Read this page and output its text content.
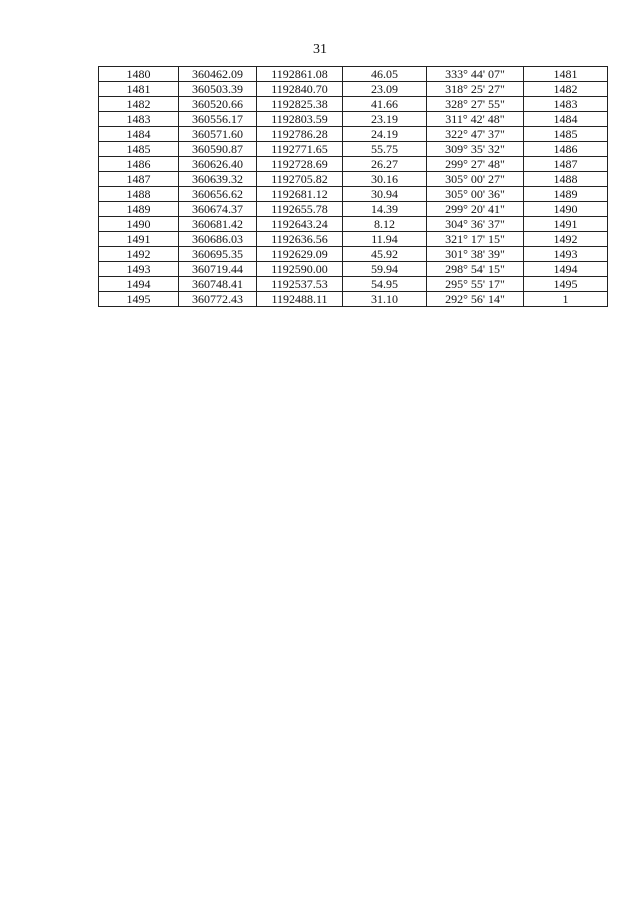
31
1480	360462.09	1192861.08	46.05	333° 44' 07"	1481
1481	360503.39	1192840.70	23.09	318° 25' 27"	1482
1482	360520.66	1192825.38	41.66	328° 27' 55"	1483
1483	360556.17	1192803.59	23.19	311° 42' 48"	1484
1484	360571.60	1192786.28	24.19	322° 47' 37"	1485
1485	360590.87	1192771.65	55.75	309° 35' 32"	1486
1486	360626.40	1192728.69	26.27	299° 27' 48"	1487
1487	360639.32	1192705.82	30.16	305° 00' 27"	1488
1488	360656.62	1192681.12	30.94	305° 00' 36"	1489
1489	360674.37	1192655.78	14.39	299° 20' 41"	1490
1490	360681.42	1192643.24	8.12	304° 36' 37"	1491
1491	360686.03	1192636.56	11.94	321° 17' 15"	1492
1492	360695.35	1192629.09	45.92	301° 38' 39"	1493
1493	360719.44	1192590.00	59.94	298° 54' 15"	1494
1494	360748.41	1192537.53	54.95	295° 55' 17"	1495
1495	360772.43	1192488.11	31.10	292° 56' 14"	1
